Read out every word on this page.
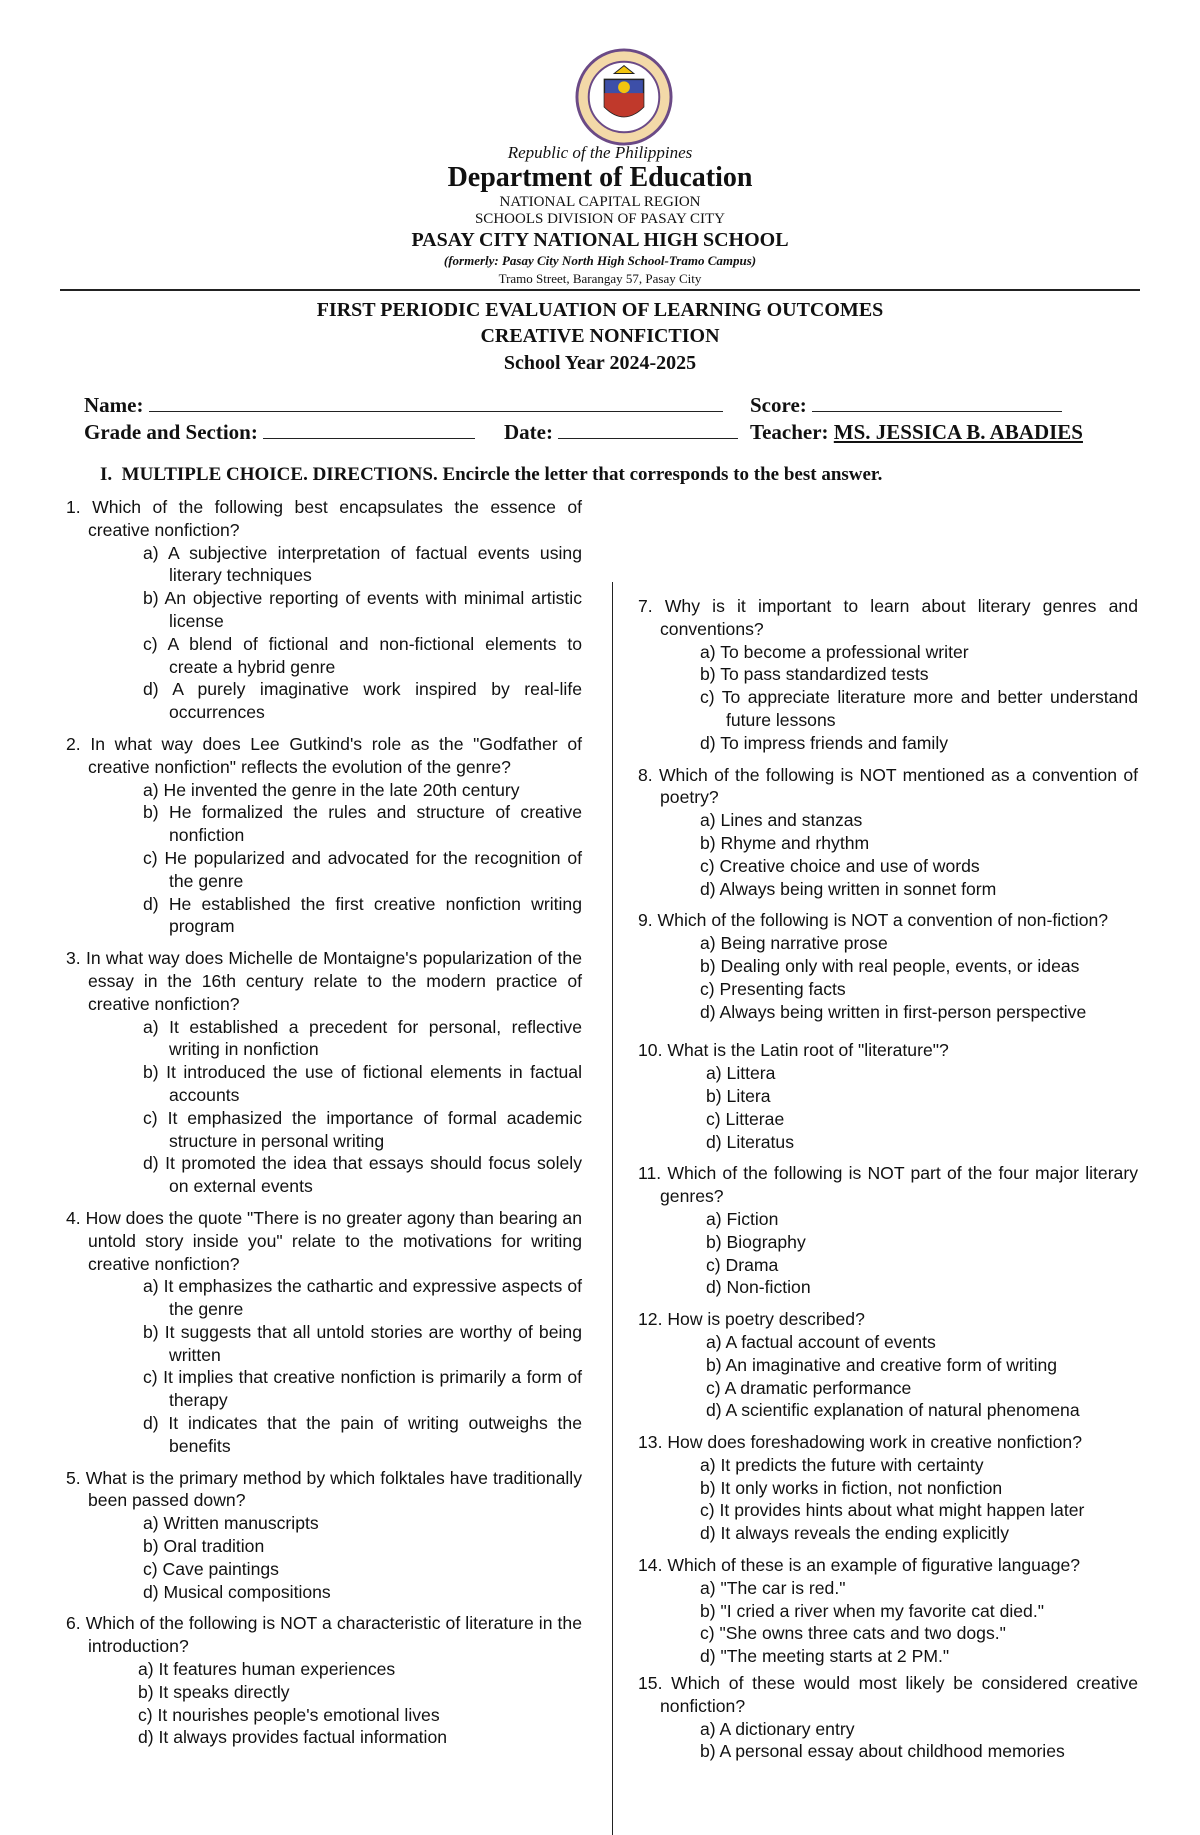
Republic of the Philippines
Department of Education
NATIONAL CAPITAL REGION
SCHOOLS DIVISION OF PASAY CITY
PASAY CITY NATIONAL HIGH SCHOOL
(formerly: Pasay City North High School-Tramo Campus)
Tramo Street, Barangay 57, Pasay City
FIRST PERIODIC EVALUATION OF LEARNING OUTCOMES
CREATIVE NONFICTION
School Year 2024-2025
Name:	Score:
Grade and Section:	Date:	Teacher: MS. JESSICA B. ABADIES
I. MULTIPLE CHOICE. DIRECTIONS. Encircle the letter that corresponds to the best answer.

1. Which of the following best encapsulates the essence of creative nonfiction?

a) A subjective interpretation of factual events using literary techniques

b) An objective reporting of events with minimal artistic license

c) A blend of fictional and non-fictional elements to create a hybrid genre

d) A purely imaginative work inspired by real-life occurrences

2. In what way does Lee Gutkind's role as the "Godfather of creative nonfiction" reflects the evolution of the genre?

a) He invented the genre in the late 20th century

b) He formalized the rules and structure of creative nonfiction

c) He popularized and advocated for the recognition of the genre

d) He established the first creative nonfiction writing program

3. In what way does Michelle de Montaigne's popularization of the essay in the 16th century relate to the modern practice of creative nonfiction?

a) It established a precedent for personal, reflective writing in nonfiction

b) It introduced the use of fictional elements in factual accounts

c) It emphasized the importance of formal academic structure in personal writing

d) It promoted the idea that essays should focus solely on external events

4. How does the quote "There is no greater agony than bearing an untold story inside you" relate to the motivations for writing creative nonfiction?

a) It emphasizes the cathartic and expressive aspects of the genre

b) It suggests that all untold stories are worthy of being written

c) It implies that creative nonfiction is primarily a form of therapy

d) It indicates that the pain of writing outweighs the benefits

5. What is the primary method by which folktales have traditionally been passed down?

a) Written manuscripts

b) Oral tradition

c) Cave paintings

d) Musical compositions

6. Which of the following is NOT a characteristic of literature in the introduction?

a) It features human experiences

b) It speaks directly

c) It nourishes people's emotional lives

d) It always provides factual information

7. Why is it important to learn about literary genres and conventions?

a) To become a professional writer

b) To pass standardized tests

c) To appreciate literature more and better understand future lessons

d) To impress friends and family

8. Which of the following is NOT mentioned as a convention of poetry?

a) Lines and stanzas

b) Rhyme and rhythm

c) Creative choice and use of words

d) Always being written in sonnet form

9. Which of the following is NOT a convention of non-fiction?

a) Being narrative prose

b) Dealing only with real people, events, or ideas

c) Presenting facts

d) Always being written in first-person perspective

10. What is the Latin root of "literature"?

a) Littera

b) Litera

c) Litterae

d) Literatus

11. Which of the following is NOT part of the four major literary genres?

a) Fiction

b) Biography

c) Drama

d) Non-fiction

12. How is poetry described?

a) A factual account of events

b) An imaginative and creative form of writing

c) A dramatic performance

d) A scientific explanation of natural phenomena

13. How does foreshadowing work in creative nonfiction?

a) It predicts the future with certainty

b) It only works in fiction, not nonfiction

c) It provides hints about what might happen later

d) It always reveals the ending explicitly

14. Which of these is an example of figurative language?

a) "The car is red."

b) "I cried a river when my favorite cat died."

c) "She owns three cats and two dogs."

d) "The meeting starts at 2 PM."

15. Which of these would most likely be considered creative nonfiction?

a) A dictionary entry

b) A personal essay about childhood memories
